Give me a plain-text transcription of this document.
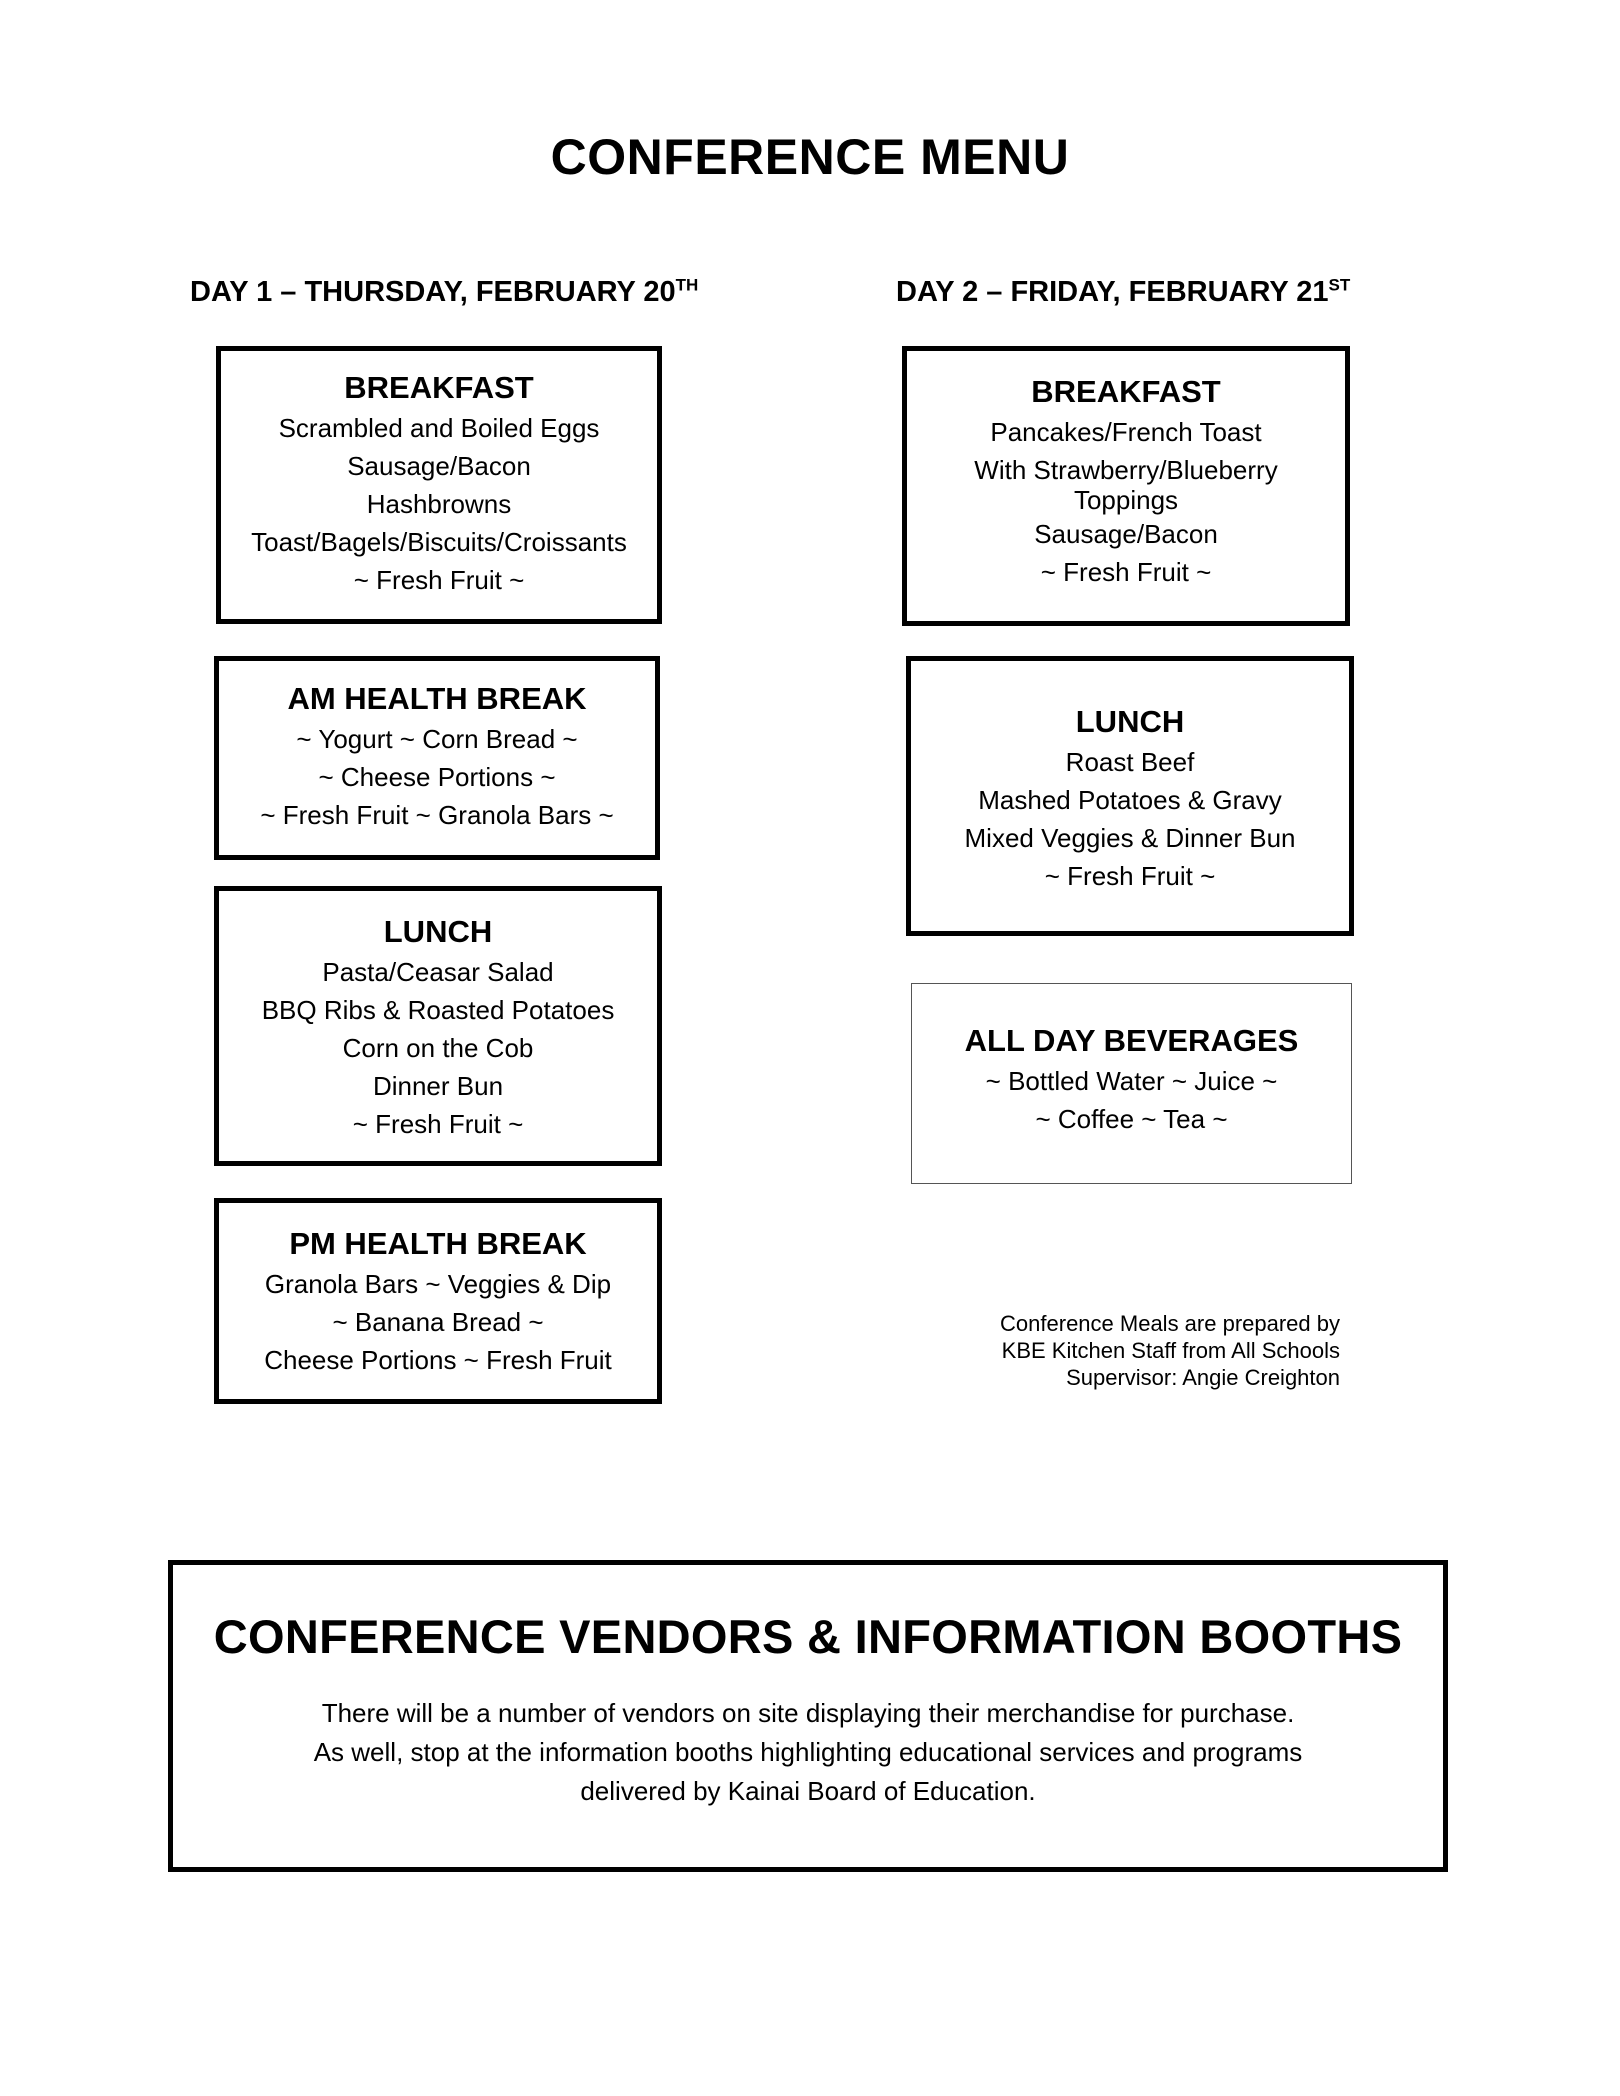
CONFERENCE MENU
DAY 1 – THURSDAY, FEBRUARY 20TH	DAY 2 – FRIDAY, FEBRUARY 21ST
BREAKFAST
Scrambled and Boiled Eggs
Sausage/Bacon
Hashbrowns
Toast/Bagels/Biscuits/Croissants
~ Fresh Fruit ~
AM HEALTH BREAK
~ Yogurt ~ Corn Bread ~
~ Cheese Portions ~
~ Fresh Fruit ~ Granola Bars ~
LUNCH
Pasta/Ceasar Salad
BBQ Ribs & Roasted Potatoes
Corn on the Cob
Dinner Bun
~ Fresh Fruit ~
PM HEALTH BREAK
Granola Bars ~ Veggies & Dip
~ Banana Bread ~
Cheese Portions ~ Fresh Fruit
BREAKFAST
Pancakes/French Toast
With Strawberry/Blueberry
Toppings
Sausage/Bacon
~ Fresh Fruit ~
LUNCH
Roast Beef
Mashed Potatoes & Gravy
Mixed Veggies & Dinner Bun
~ Fresh Fruit ~
ALL DAY BEVERAGES
~ Bottled Water ~ Juice ~
~ Coffee ~ Tea ~
Conference Meals are prepared by
KBE Kitchen Staff from All Schools
Supervisor: Angie Creighton
CONFERENCE VENDORS & INFORMATION BOOTHS
There will be a number of vendors on site displaying their merchandise for purchase.
As well, stop at the information booths highlighting educational services and programs
delivered by Kainai Board of Education.
